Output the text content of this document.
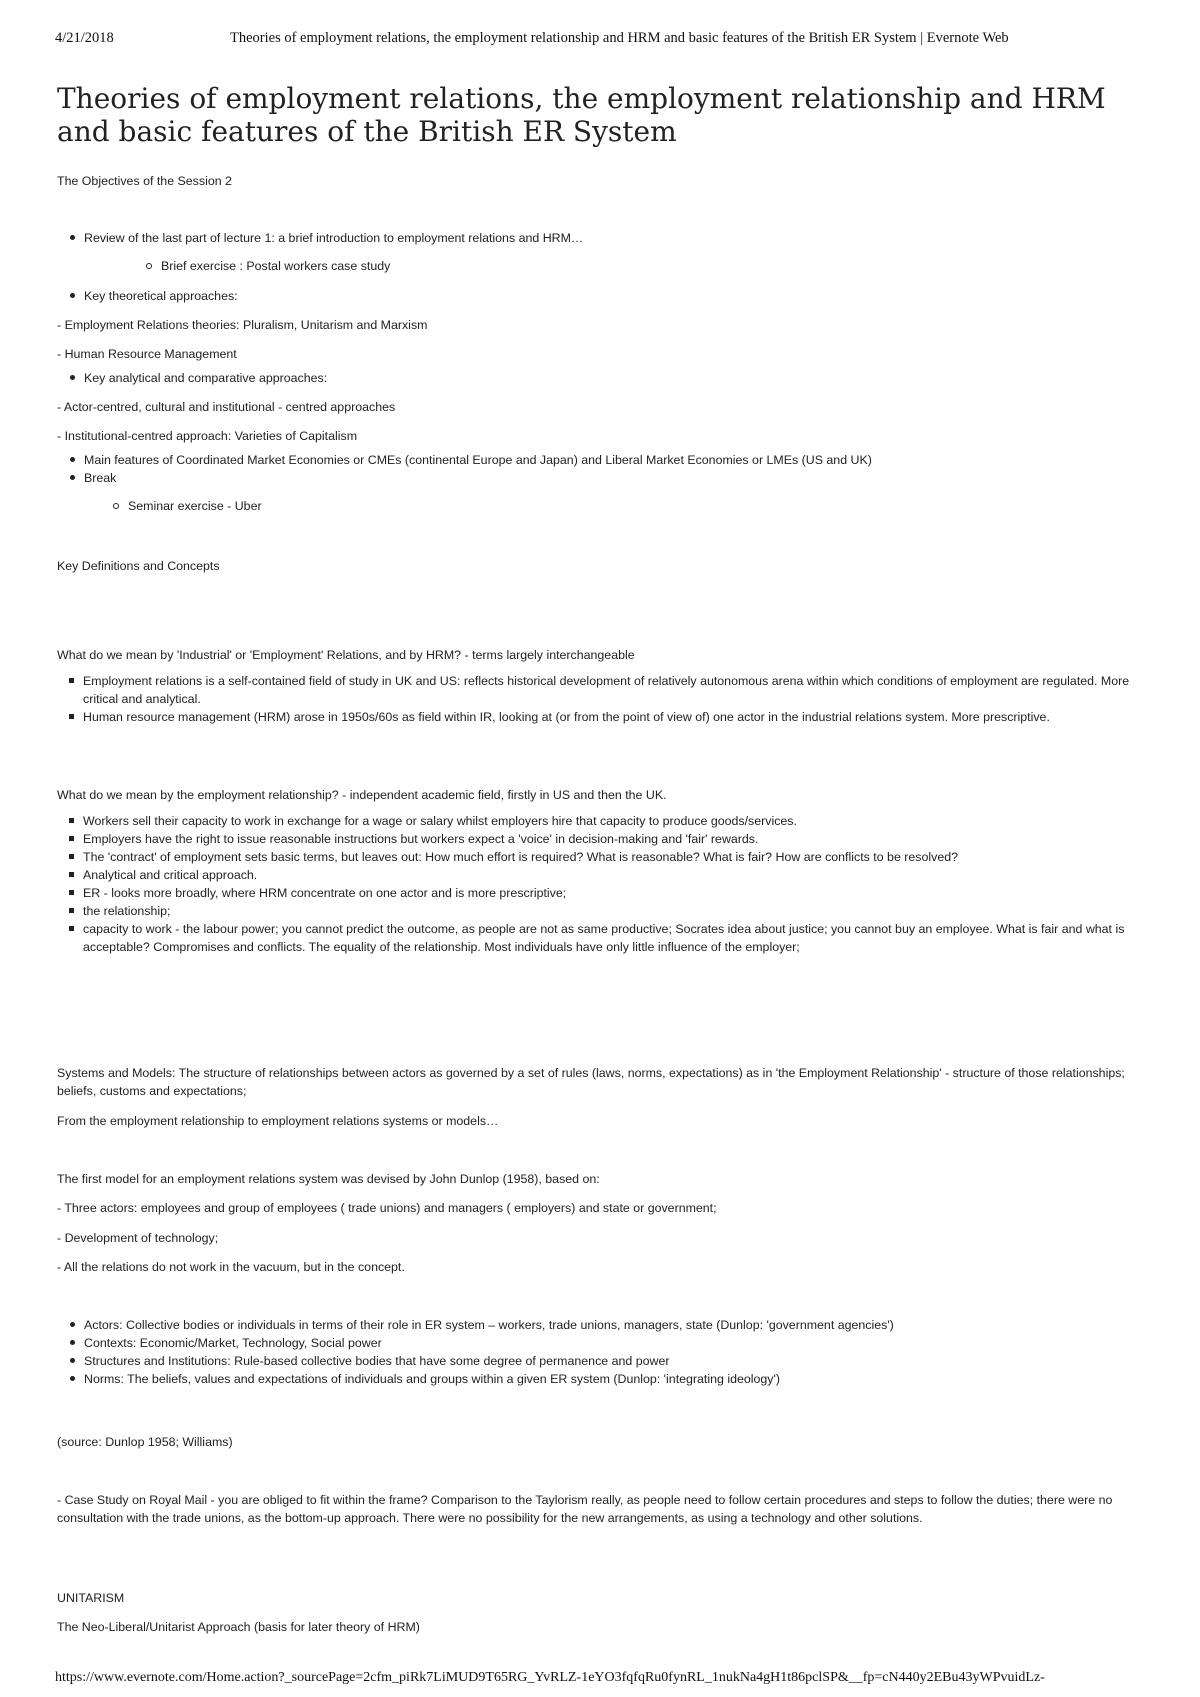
4/21/2018	Theories of employment relations, the employment relationship and HRM and basic features of the British ER System | Evernote Web
Theories of employment relations, the employment relationship and HRM and basic features of the British ER System

The Objectives of the Session 2

Review of the last part of lecture 1: a brief introduction to employment relations and HRM…
Brief exercise : Postal workers case study
Key theoretical approaches:

- Employment Relations theories: Pluralism, Unitarism and Marxism

- Human Resource Management

Key analytical and comparative approaches:

- Actor-centred, cultural and institutional - centred approaches

- Institutional-centred approach: Varieties of Capitalism

Main features of Coordinated Market Economies or CMEs (continental Europe and Japan) and Liberal Market Economies or LMEs (US and UK)
Break
Seminar exercise - Uber

Key Definitions and Concepts

What do we mean by 'Industrial' or 'Employment' Relations, and by HRM? - terms largely interchangeable

Employment relations is a self-contained field of study in UK and US: reflects historical development of relatively autonomous arena within which conditions of employment are regulated. More critical and analytical.
Human resource management (HRM) arose in 1950s/60s as field within IR, looking at (or from the point of view of) one actor in the industrial relations system. More prescriptive.

What do we mean by the employment relationship? - independent academic field, firstly in US and then the UK.

Workers sell their capacity to work in exchange for a wage or salary whilst employers hire that capacity to produce goods/services.
Employers have the right to issue reasonable instructions but workers expect a 'voice' in decision-making and 'fair' rewards.
The 'contract' of employment sets basic terms, but leaves out: How much effort is required? What is reasonable? What is fair? How are conflicts to be resolved?
Analytical and critical approach.
ER - looks more broadly, where HRM concentrate on one actor and is more prescriptive;
the relationship;
capacity to work - the labour power; you cannot predict the outcome, as people are not as same productive; Socrates idea about justice; you cannot buy an employee. What is fair and what is acceptable? Compromises and conflicts. The equality of the relationship. Most individuals have only little influence of the employer;

Systems and Models: The structure of relationships between actors as governed by a set of rules (laws, norms, expectations) as in 'the Employment Relationship' - structure of those relationships; beliefs, customs and expectations;

From the employment relationship to employment relations systems or models…

The first model for an employment relations system was devised by John Dunlop (1958), based on:

- Three actors: employees and group of employees ( trade unions) and managers ( employers) and state or government;

- Development of technology;

- All the relations do not work in the vacuum, but in the concept.

Actors: Collective bodies or individuals in terms of their role in ER system – workers, trade unions, managers, state (Dunlop: 'government agencies')
Contexts: Economic/Market, Technology, Social power
Structures and Institutions: Rule-based collective bodies that have some degree of permanence and power
Norms: The beliefs, values and expectations of individuals and groups within a given ER system (Dunlop: 'integrating ideology')

(source: Dunlop 1958; Williams)

- Case Study on Royal Mail - you are obliged to fit within the frame? Comparison to the Taylorism really, as people need to follow certain procedures and steps to follow the duties; there were no consultation with the trade unions, as the bottom-up approach. There were no possibility for the new arrangements, as using a technology and other solutions.

UNITARISM

The Neo-Liberal/Unitarist Approach (basis for later theory of HRM)

https://www.evernote.com/Home.action?_sourcePage=2cfm_piRk7LiMUD9T65RG_YvRLZ-1eYO3fqfqRu0fynRL_1nukNa4gH1t86pclSP&__fp=cN440y2EBu43yWPvuidLz-
